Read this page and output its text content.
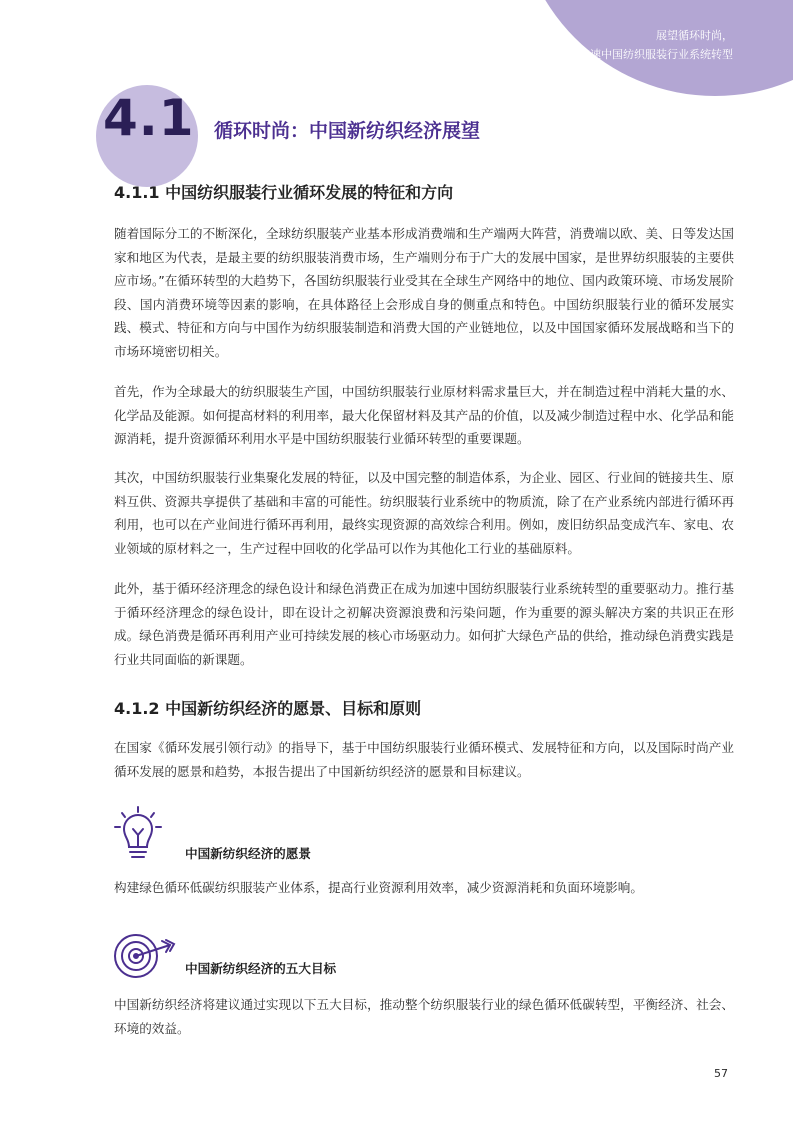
展望循环时尚，
加速中国纺织服装行业系统转型
4.1 循环时尚：中国新纺织经济展望
4.1.1 中国纺织服装行业循环发展的特征和方向
随着国际分工的不断深化，全球纺织服装产业基本形成消费端和生产端两大阵营，消费端以欧、美、日等发达国家和地区为代表，是最主要的纺织服装消费市场，生产端则分布于广大的发展中国家，是世界纺织服装的主要供应市场。”在循环转型的大趋势下，各国纺织服装行业受其在全球生产网络中的地位、国内政策环境、市场发展阶段、国内消费环境等因素的影响，在具体路径上会形成自身的侧重点和特色。中国纺织服装行业的循环发展实践、模式、特征和方向与中国作为纺织服装制造和消费大国的产业链地位，以及中国国家循环发展战略和当下的市场环境密切相关。
首先，作为全球最大的纺织服装生产国，中国纺织服装行业原材料需求量巨大，并在制造过程中消耗大量的水、化学品及能源。如何提高材料的利用率，最大化保留材料及其产品的价值，以及减少制造过程中水、化学品和能源消耗，提升资源循环利用水平是中国纺织服装行业循环转型的重要课题。
其次，中国纺织服装行业集聚化发展的特征，以及中国完整的制造体系，为企业、园区、行业间的链接共生、原料互供、资源共享提供了基础和丰富的可能性。纺织服装行业系统中的物质流，除了在产业系统内部进行循环再利用，也可以在产业间进行循环再利用，最终实现资源的高效综合利用。例如，废旧纺织品变成汽车、家电、农业领域的原材料之一，生产过程中回收的化学品可以作为其他化工行业的基础原料。
此外，基于循环经济理念的绿色设计和绿色消费正在成为加速中国纺织服装行业系统转型的重要驱动力。推行基于循环经济理念的绿色设计，即在设计之初解决资源浪费和污染问题，作为重要的源头解决方案的共识正在形成。绿色消费是循环再利用产业可持续发展的核心市场驱动力。如何扩大绿色产品的供给，推动绿色消费实践是行业共同面临的新课题。
4.1.2 中国新纺织经济的愿景、目标和原则
在国家《循环发展引领行动》的指导下，基于中国纺织服装行业循环模式、发展特征和方向，以及国际时尚产业循环发展的愿景和趋势，本报告提出了中国新纺织经济的愿景和目标建议。
中国新纺织经济的愿景
构建绿色循环低碳纺织服装产业体系，提高行业资源利用效率，减少资源消耗和负面环境影响。
中国新纺织经济的五大目标
中国新纺织经济将建议通过实现以下五大目标，推动整个纺织服装行业的绿色循环低碳转型，平衡经济、社会、环境的效益。
57
